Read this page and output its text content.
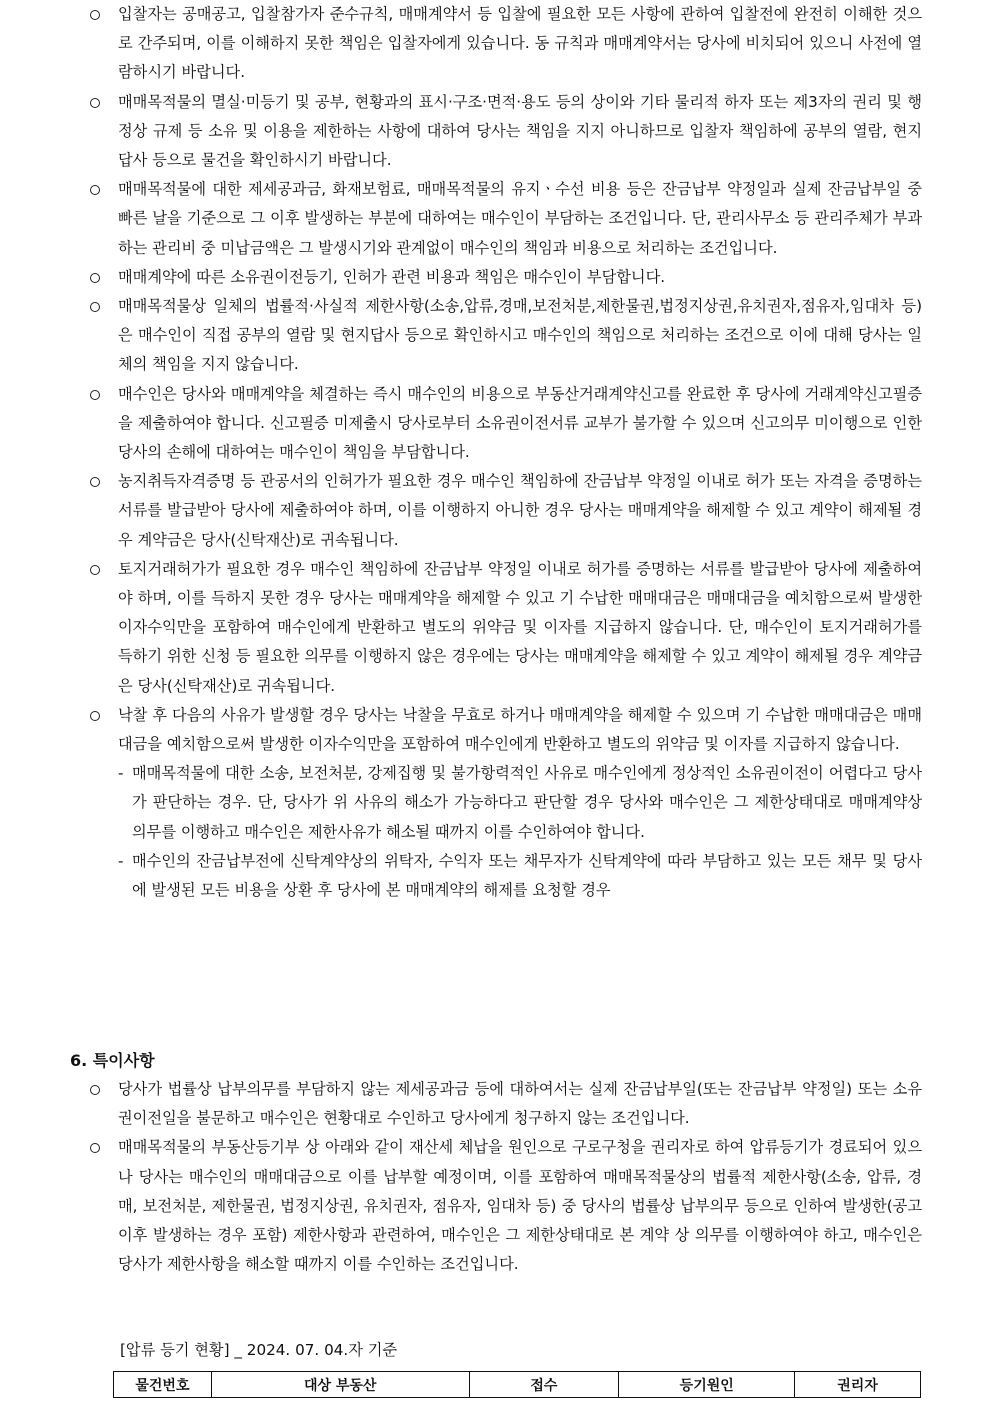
입찰자는 공매공고, 입찰참가자 준수규칙, 매매계약서 등 입찰에 필요한 모든 사항에 관하여 입찰전에 완전히 이해한 것으로 간주되며, 이를 이해하지 못한 책임은 입찰자에게 있습니다. 동 규칙과 매매계약서는 당사에 비치되어 있으니 사전에 열람하시기 바랍니다.
매매목적물의 멸실·미등기 및 공부, 현황과의 표시·구조·면적·용도 등의 상이와 기타 물리적 하자 또는 제3자의 권리 및 행정상 규제 등 소유 및 이용을 제한하는 사항에 대하여 당사는 책임을 지지 아니하므로 입찰자 책임하에 공부의 열람, 현지 답사 등으로 물건을 확인하시기 바랍니다.
매매목적물에 대한 제세공과금, 화재보험료, 매매목적물의 유지ㆍ수선 비용 등은 잔금납부 약정일과 실제 잔금납부일 중 빠른 날을 기준으로 그 이후 발생하는 부분에 대하여는 매수인이 부담하는 조건입니다. 단, 관리사무소 등 관리주체가 부과하는 관리비 중 미납금액은 그 발생시기와 관계없이 매수인의 책임과 비용으로 처리하는 조건입니다.
매매계약에 따른 소유권이전등기, 인허가 관련 비용과 책임은 매수인이 부담합니다.
매매목적물상 일체의 법률적·사실적 제한사항(소송,압류,경매,보전처분,제한물권,법정지상권,유치권자,점유자,임대차 등)은 매수인이 직접 공부의 열람 및 현지답사 등으로 확인하시고 매수인의 책임으로 처리하는 조건으로 이에 대해 당사는 일체의 책임을 지지 않습니다.
매수인은 당사와 매매계약을 체결하는 즉시 매수인의 비용으로 부동산거래계약신고를 완료한 후 당사에 거래계약신고필증을 제출하여야 합니다. 신고필증 미제출시 당사로부터 소유권이전서류 교부가 불가할 수 있으며 신고의무 미이행으로 인한 당사의 손해에 대하여는 매수인이 책임을 부담합니다.
농지취득자격증명 등 관공서의 인허가가 필요한 경우 매수인 책임하에 잔금납부 약정일 이내로 허가 또는 자격을 증명하는 서류를 발급받아 당사에 제출하여야 하며, 이를 이행하지 아니한 경우 당사는 매매계약을 해제할 수 있고 계약이 해제될 경우 계약금은 당사(신탁재산)로 귀속됩니다.
토지거래허가가 필요한 경우 매수인 책임하에 잔금납부 약정일 이내로 허가를 증명하는 서류를 발급받아 당사에 제출하여야 하며, 이를 득하지 못한 경우 당사는 매매계약을 해제할 수 있고 기 수납한 매매대금은 매매대금을 예치함으로써 발생한 이자수익만을 포함하여 매수인에게 반환하고 별도의 위약금 및 이자를 지급하지 않습니다. 단, 매수인이 토지거래허가를 득하기 위한 신청 등 필요한 의무를 이행하지 않은 경우에는 당사는 매매계약을 해제할 수 있고 계약이 해제될 경우 계약금은 당사(신탁재산)로 귀속됩니다.
낙찰 후 다음의 사유가 발생할 경우 당사는 낙찰을 무효로 하거나 매매계약을 해제할 수 있으며 기 수납한 매매대금은 매매대금을 예치함으로써 발생한 이자수익만을 포함하여 매수인에게 반환하고 별도의 위약금 및 이자를 지급하지 않습니다.
- 매매목적물에 대한 소송, 보전처분, 강제집행 및 불가항력적인 사유로 매수인에게 정상적인 소유권이전이 어렵다고 당사가 판단하는 경우. 단, 당사가 위 사유의 해소가 가능하다고 판단할 경우 당사와 매수인은 그 제한상태대로 매매계약상 의무를 이행하고 매수인은 제한사유가 해소될 때까지 이를 수인하여야 합니다.
- 매수인의 잔금납부전에 신탁계약상의 위탁자, 수익자 또는 채무자가 신탁계약에 따라 부담하고 있는 모든 채무 및 당사에 발생된 모든 비용을 상환 후 당사에 본 매매계약의 해제를 요청할 경우
6. 특이사항
당사가 법률상 납부의무를 부담하지 않는 제세공과금 등에 대하여서는 실제 잔금납부일(또는 잔금납부 약정일) 또는 소유권이전일을 불문하고 매수인은 현황대로 수인하고 당사에게 청구하지 않는 조건입니다.
매매목적물의 부동산등기부 상 아래와 같이 재산세 체납을 원인으로 구로구청을 권리자로 하여 압류등기가 경료되어 있으나 당사는 매수인의 매매대금으로 이를 납부할 예정이며, 이를 포함하여 매매목적물상의 법률적 제한사항(소송, 압류, 경매, 보전처분, 제한물권, 법정지상권, 유치권자, 점유자, 임대차 등) 중 당사의 법률상 납부의무 등으로 인하여 발생한(공고 이후 발생하는 경우 포함) 제한사항과 관련하여, 매수인은 그 제한상태대로 본 계약 상 의무를 이행하여야 하고, 매수인은 당사가 제한사항을 해소할 때까지 이를 수인하는 조건입니다.
[압류 등기 현황] _ 2024. 07. 04.자 기준
물건번호	대상 부동산	접수	등기원인	권리자
